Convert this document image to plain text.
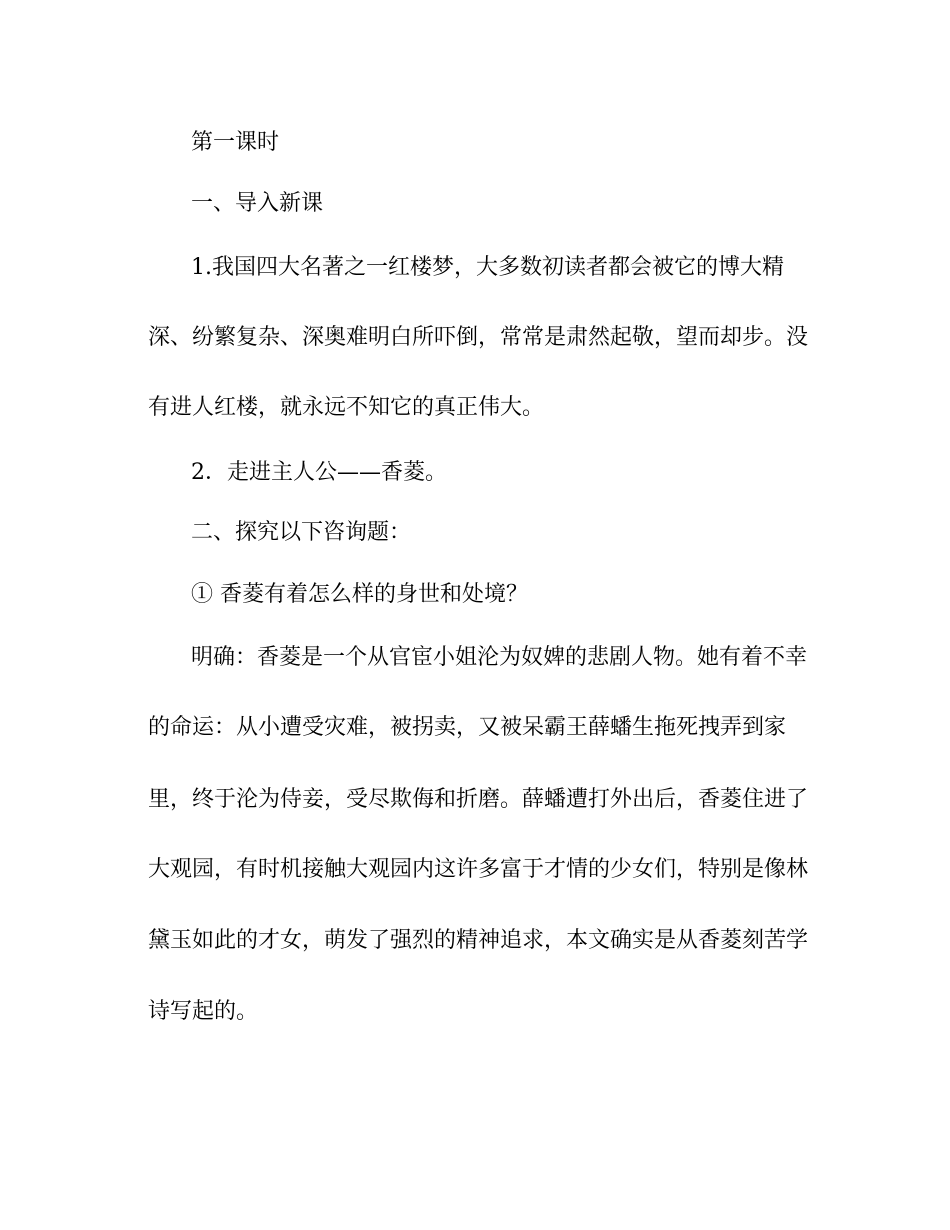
第一课时
一、导入新课
1.我国四大名著之一红楼梦，大多数初读者都会被它的博大精
深、纷繁复杂、深奥难明白所吓倒，常常是肃然起敬，望而却步。没
有进人红楼，就永远不知它的真正伟大。
2．走进主人公——香菱。
二、探究以下咨询题：
① 香菱有着怎么样的身世和处境？
明确：香菱是一个从官宦小姐沦为奴婢的悲剧人物。她有着不幸
的命运：从小遭受灾难，被拐卖，又被呆霸王薛蟠生拖死拽弄到家
里，终于沦为侍妾，受尽欺侮和折磨。薛蟠遭打外出后，香菱住进了
大观园，有时机接触大观园内这许多富于才情的少女们，特别是像林
黛玉如此的才女，萌发了强烈的精神追求，本文确实是从香菱刻苦学
诗写起的。
